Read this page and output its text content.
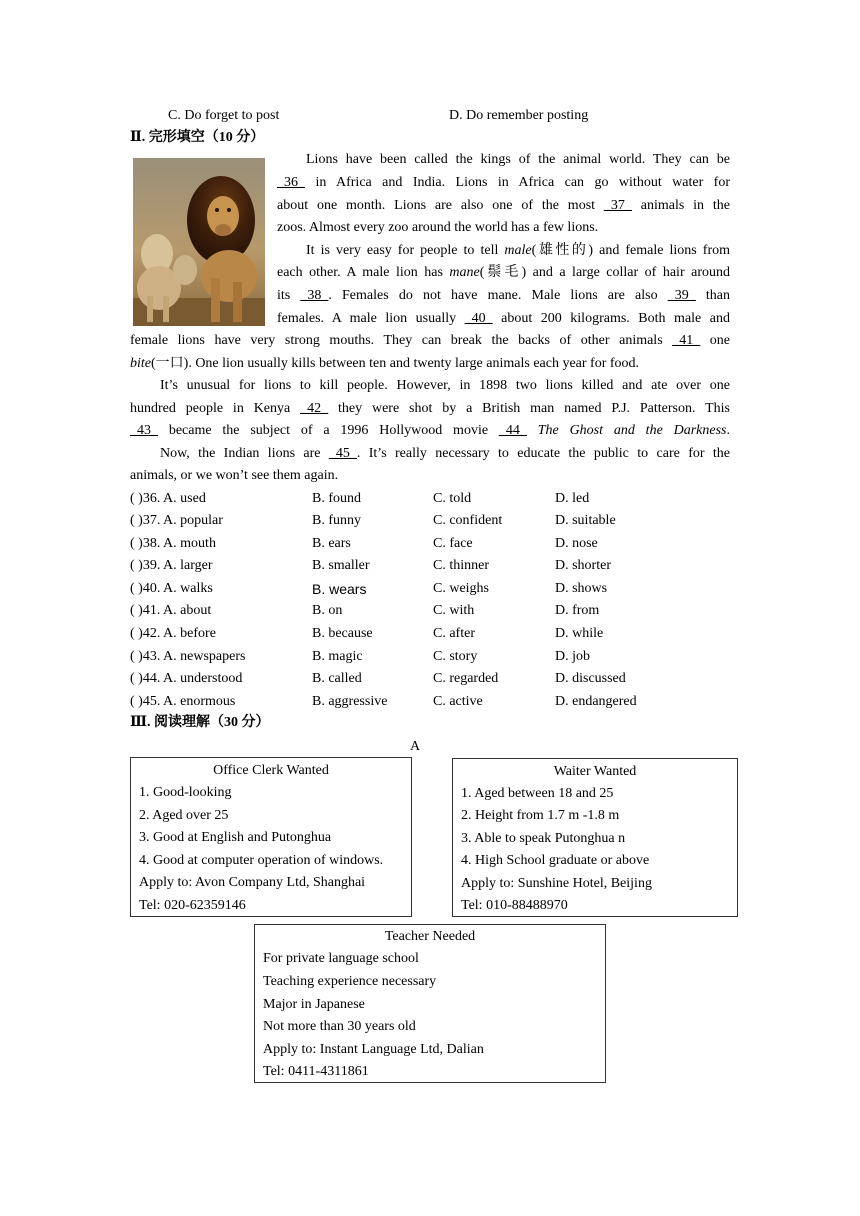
C. Do forget to post	D. Do remember posting
Ⅱ. 完形填空（10 分）
Lions have been called the kings of the animal world. They can be
_36_ in Africa and India. Lions in Africa can go without water for
about one month. Lions are also one of the most _37_ animals in the
zoos. Almost every zoo around the world has a few lions.
It is very easy for people to tell male(雄性的) and female lions from
each other. A male lion has mane(鬃毛) and a large collar of hair around
its _38_. Females do not have mane. Male lions are also _39_ than
females. A male lion usually _40_ about 200 kilograms. Both male and
female lions have very strong mouths. They can break the backs of other animals _41_ one
bite(一口). One lion usually kills between ten and twenty large animals each year for food.
It’s unusual for lions to kill people. However, in 1898 two lions killed and ate over one
hundred people in Kenya _42_ they were shot by a British man named P.J. Patterson. This
_43_ became the subject of a 1996 Hollywood movie _44_ The Ghost and the Darkness.
Now, the Indian lions are _45_. It’s really necessary to educate the public to care for the
animals, or we won’t see them again.
( )36. A. used	B. found	C. told	D. led
( )37. A. popular	B. funny	C. confident	D. suitable
( )38. A. mouth	B. ears	C. face	D. nose
( )39. A. larger	B. smaller	C. thinner	D. shorter
( )40. A. walks	B. wears	C. weighs	D. shows
( )41. A. about	B. on	C. with	D. from
( )42. A. before	B. because	C. after	D. while
( )43. A. newspapers	B. magic	C. story	D. job
( )44. A. understood	B. called	C. regarded	D. discussed
( )45. A. enormous	B. aggressive	C. active	D. endangered
Ⅲ. 阅读理解（30 分）
A
Office Clerk Wanted
1. Good-looking
2. Aged over 25
3. Good at English and Putonghua
4. Good at computer operation of windows.
Apply to: Avon Company Ltd, Shanghai
Tel: 020-62359146
Waiter Wanted
1. Aged between 18 and 25
2. Height from 1.7 m -1.8 m
3. Able to speak Putonghua n
4. High School graduate or above
Apply to: Sunshine Hotel, Beijing
Tel: 010-88488970
Teacher Needed
For private language school
Teaching experience necessary
Major in Japanese
Not more than 30 years old
Apply to: Instant Language Ltd, Dalian
Tel: 0411-4311861
